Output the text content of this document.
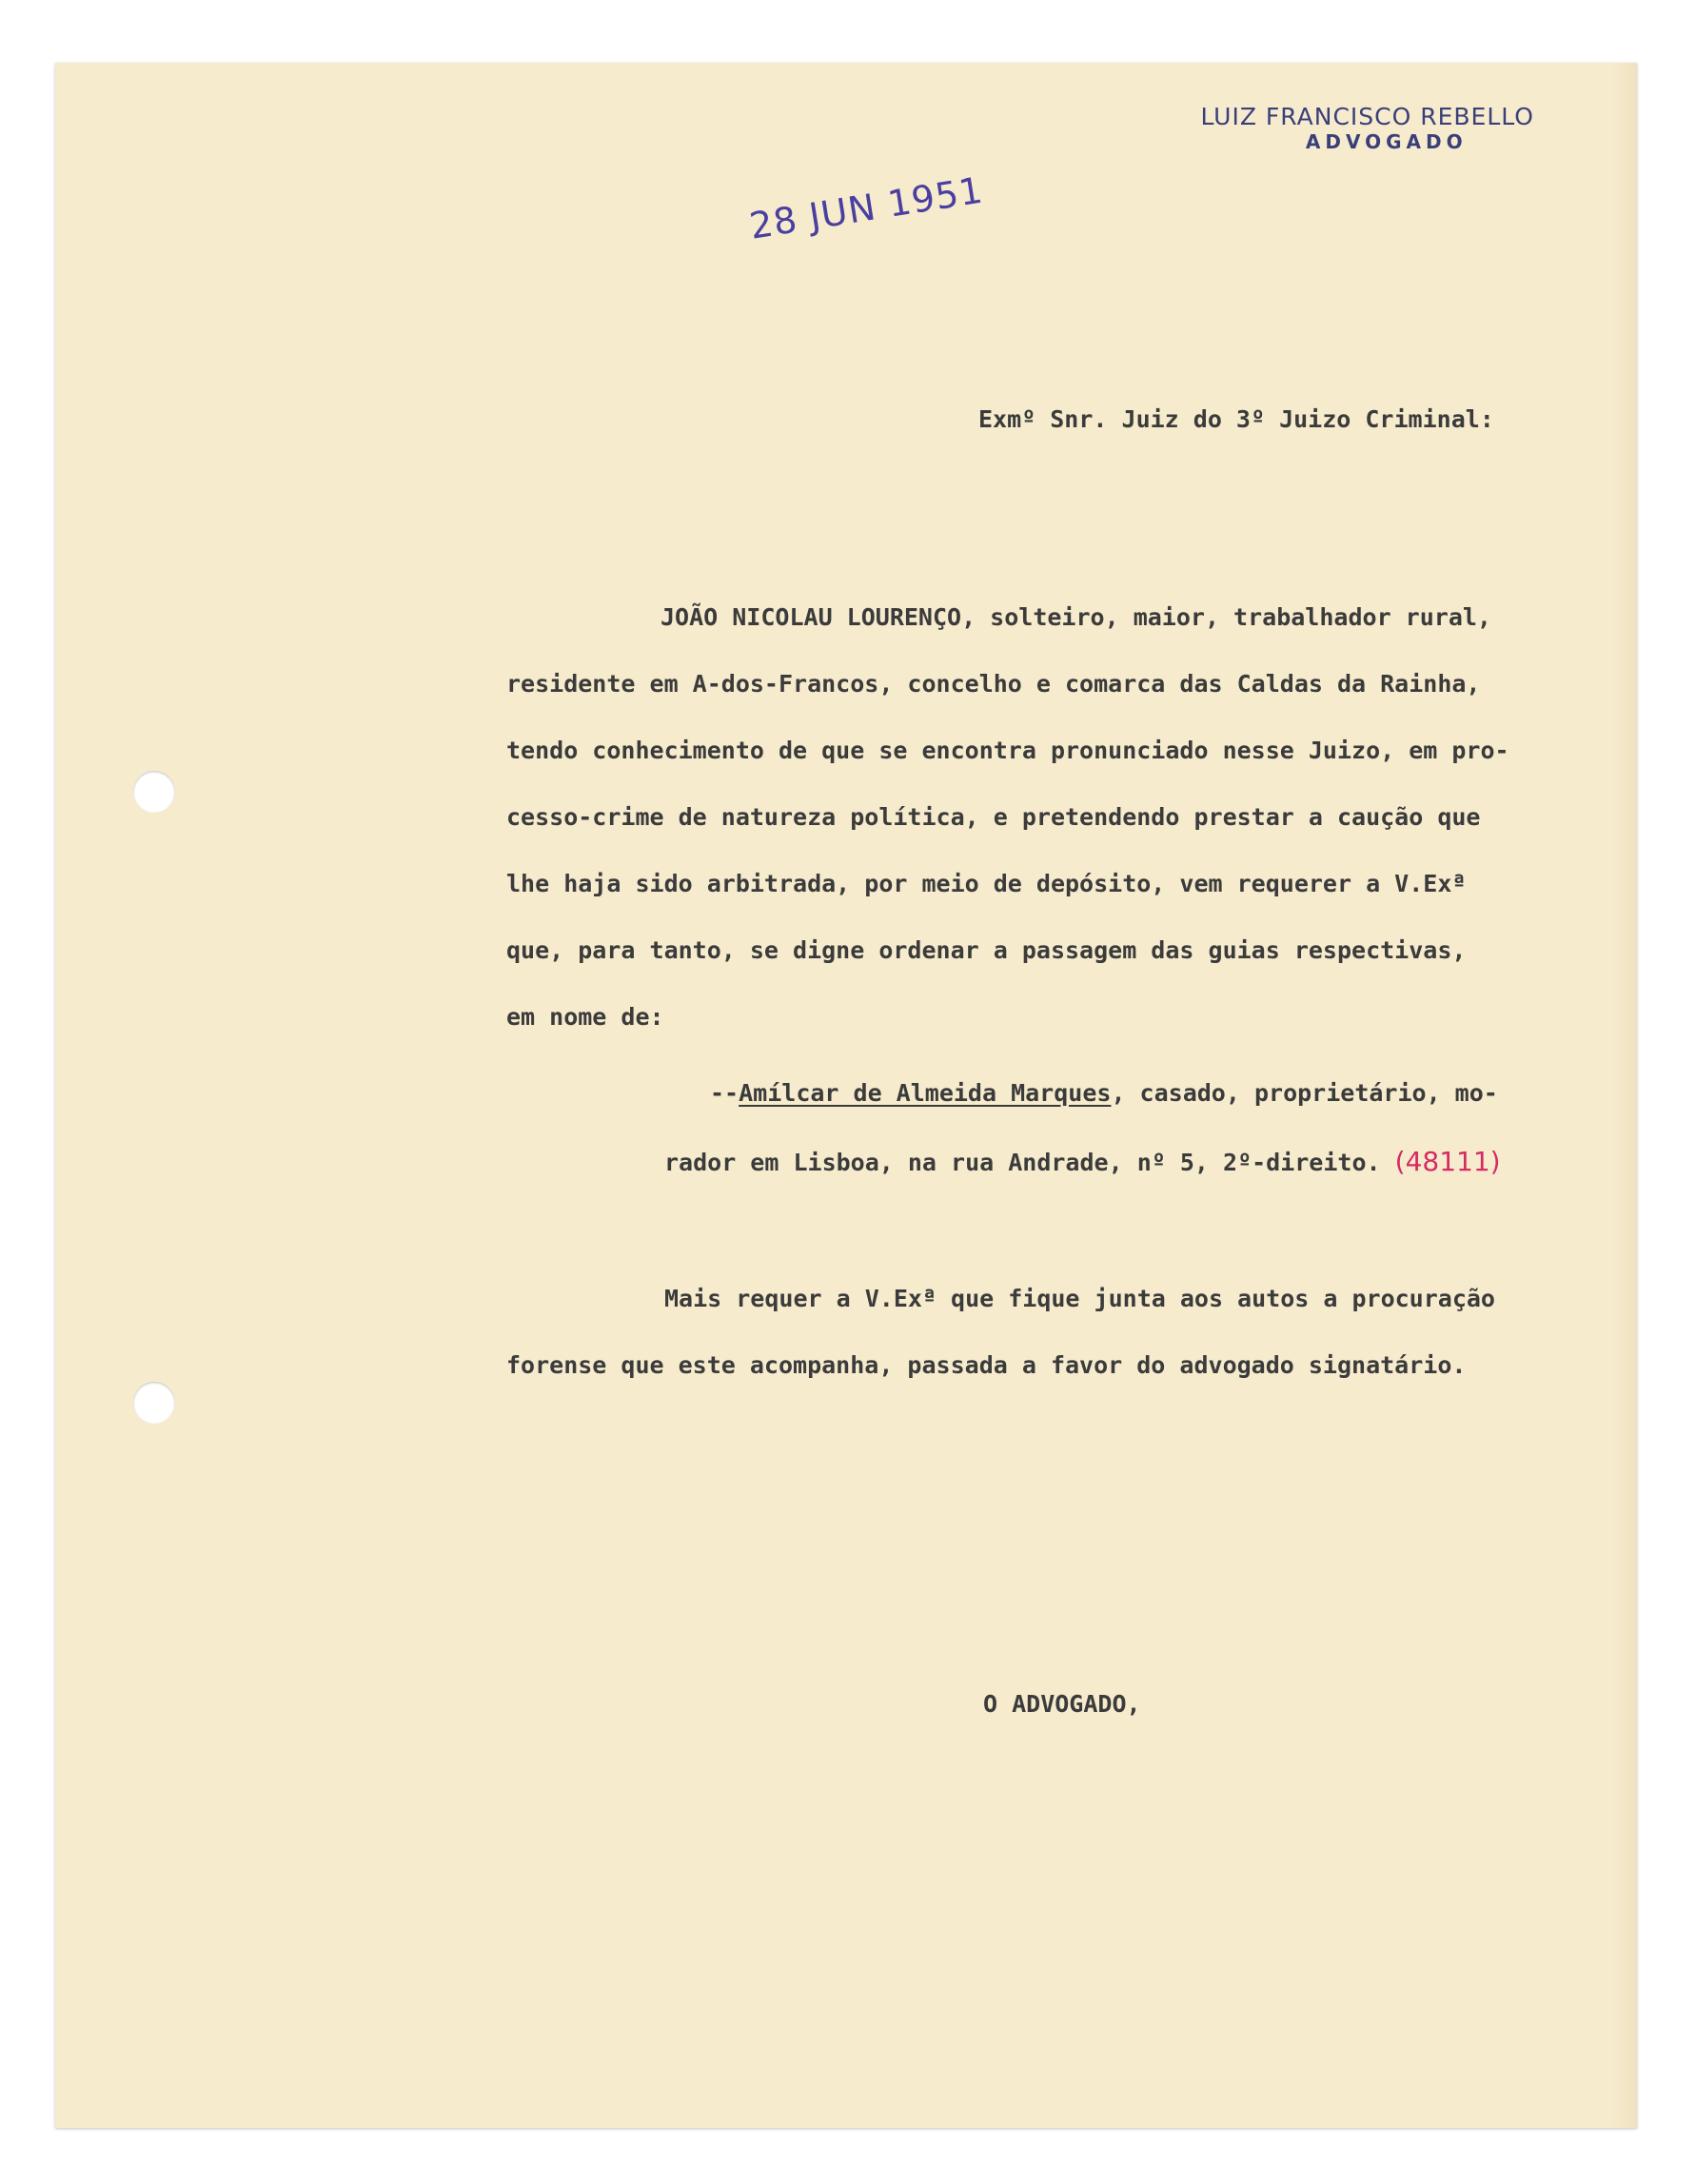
LUIZ FRANCISCO REBELLO
ADVOGADO
28 JUN 1951
Exmº Snr. Juiz do 3º Juizo Criminal:
JOÃO NICOLAU LOURENÇO, solteiro, maior, trabalhador rural,
residente em A-dos-Francos, concelho e comarca das Caldas da Rainha,
tendo conhecimento de que se encontra pronunciado nesse Juizo, em pro-
cesso-crime de natureza política, e pretendendo prestar a caução que
lhe haja sido arbitrada, por meio de depósito, vem requerer a V.Exª
que, para tanto, se digne ordenar a passagem das guias respectivas,
em nome de:
--Amílcar de Almeida Marques, casado, proprietário, mo-
rador em Lisboa, na rua Andrade, nº 5, 2º-direito. (48111)
Mais requer a V.Exª que fique junta aos autos a procuração
forense que este acompanha, passada a favor do advogado signatário.
O ADVOGADO,
